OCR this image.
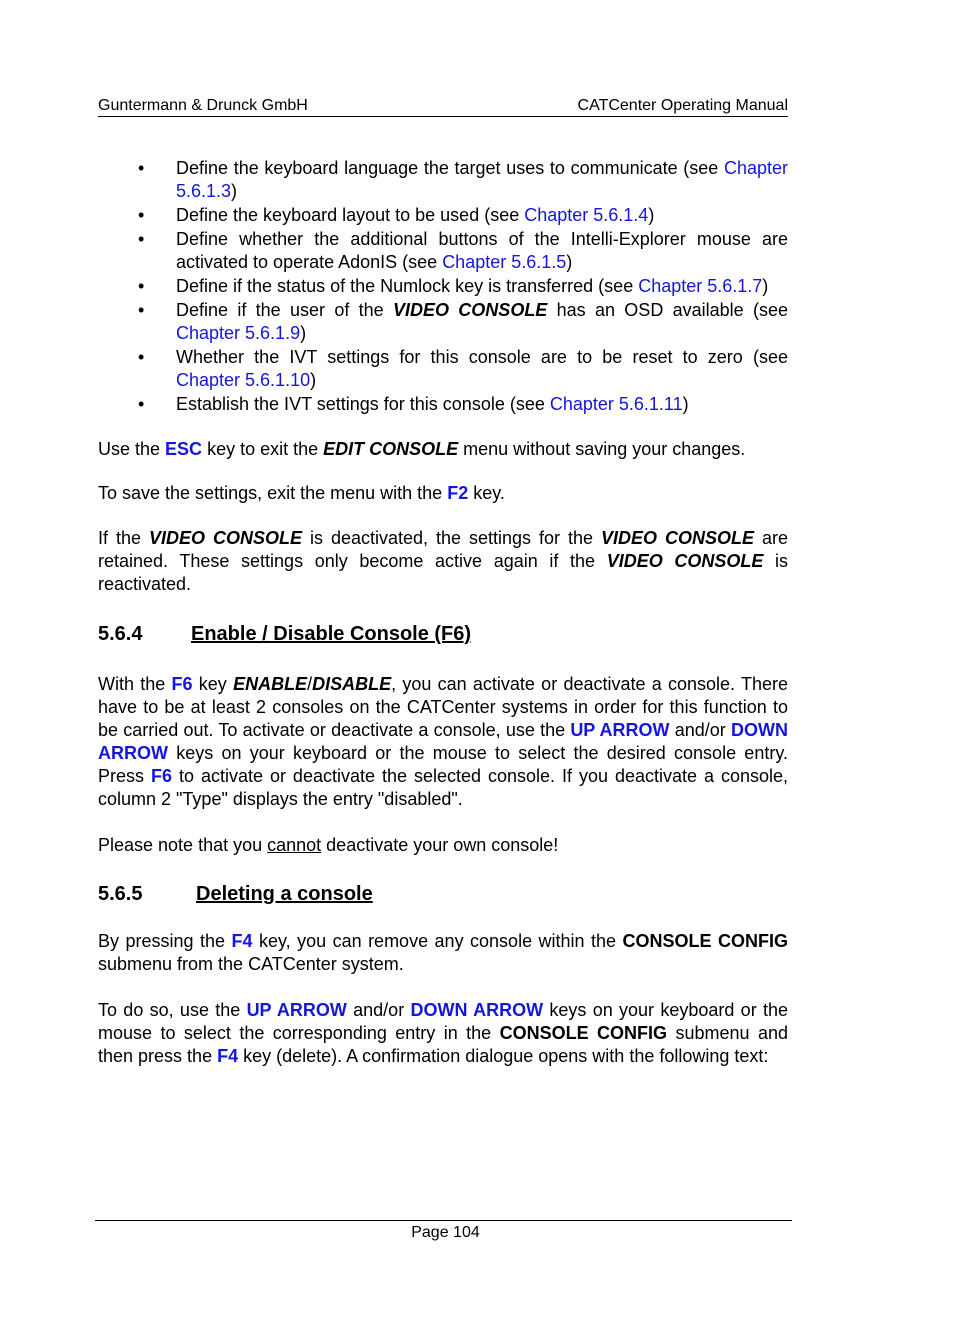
Guntermann & Drunck GmbH	CATCenter Operating Manual
• Define the keyboard language the target uses to communicate (see Chapter 5.6.1.3)
• Define the keyboard layout to be used (see Chapter 5.6.1.4)
• Define whether the additional buttons of the Intelli-Explorer mouse are activated to operate AdonIS (see Chapter 5.6.1.5)
• Define if the status of the Numlock key is transferred (see Chapter 5.6.1.7)
• Define if the user of the VIDEO CONSOLE has an OSD available (see Chapter 5.6.1.9)
• Whether the IVT settings for this console are to be reset to zero (see Chapter 5.6.1.10)
• Establish the IVT settings for this console (see Chapter 5.6.1.11)

Use the ESC key to exit the EDIT CONSOLE menu without saving your changes.

To save the settings, exit the menu with the F2 key.

If the VIDEO CONSOLE is deactivated, the settings for the VIDEO CONSOLE are retained. These settings only become active again if the VIDEO CONSOLE is reactivated.

5.6.4 Enable / Disable Console (F6)

With the F6 key ENABLE/DISABLE, you can activate or deactivate a console. There have to be at least 2 consoles on the CATCenter systems in order for this function to be carried out. To activate or deactivate a console, use the UP ARROW and/or DOWN ARROW keys on your keyboard or the mouse to select the desired console entry. Press F6 to activate or deactivate the selected console. If you deactivate a console, column 2 "Type" displays the entry "disabled".

Please note that you cannot deactivate your own console!

5.6.5	Deleting a console

By pressing the F4 key, you can remove any console within the CONSOLE CONFIG submenu from the CATCenter system.

To do so, use the UP ARROW and/or DOWN ARROW keys on your keyboard or the mouse to select the corresponding entry in the CONSOLE CONFIG submenu and then press the F4 key (delete). A confirmation dialogue opens with the following text:

Page 104
